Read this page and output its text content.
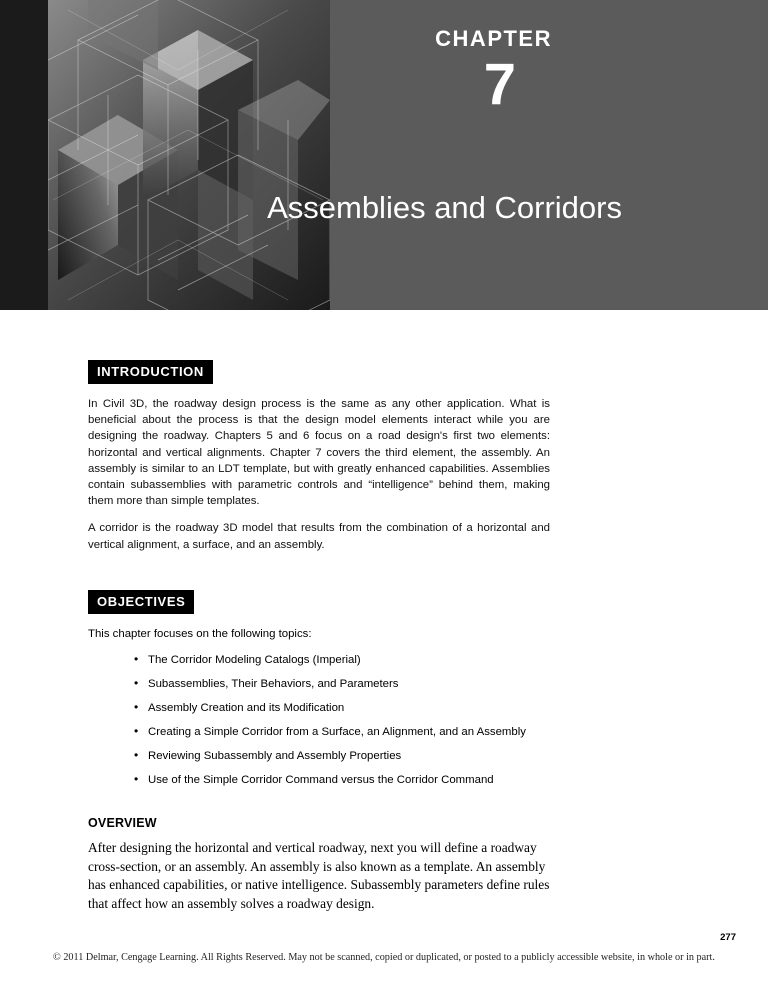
CHAPTER
7
Assemblies and Corridors
INTRODUCTION

In Civil 3D, the roadway design process is the same as any other application. What is beneficial about the process is that the design model elements interact while you are designing the roadway. Chapters 5 and 6 focus on a road design's first two elements: horizontal and vertical alignments. Chapter 7 covers the third element, the assembly. An assembly is similar to an LDT template, but with greatly enhanced capabilities. Assemblies contain subassemblies with parametric controls and “intelligence” behind them, making them more than simple templates.

A corridor is the roadway 3D model that results from the combination of a horizontal and vertical alignment, a surface, and an assembly.

OBJECTIVES

This chapter focuses on the following topics:

• The Corridor Modeling Catalogs (Imperial)
• Subassemblies, Their Behaviors, and Parameters
• Assembly Creation and its Modification
• Creating a Simple Corridor from a Surface, an Alignment, and an Assembly
• Reviewing Subassembly and Assembly Properties
• Use of the Simple Corridor Command versus the Corridor Command
OVERVIEW

After designing the horizontal and vertical roadway, next you will define a roadway cross-section, or an assembly. An assembly is also known as a template. An assembly has enhanced capabilities, or native intelligence. Subassembly parameters define rules that affect how an assembly solves a roadway design.

277
© 2011 Delmar, Cengage Learning. All Rights Reserved. May not be scanned, copied or duplicated, or posted to a publicly accessible website, in whole or in part.
